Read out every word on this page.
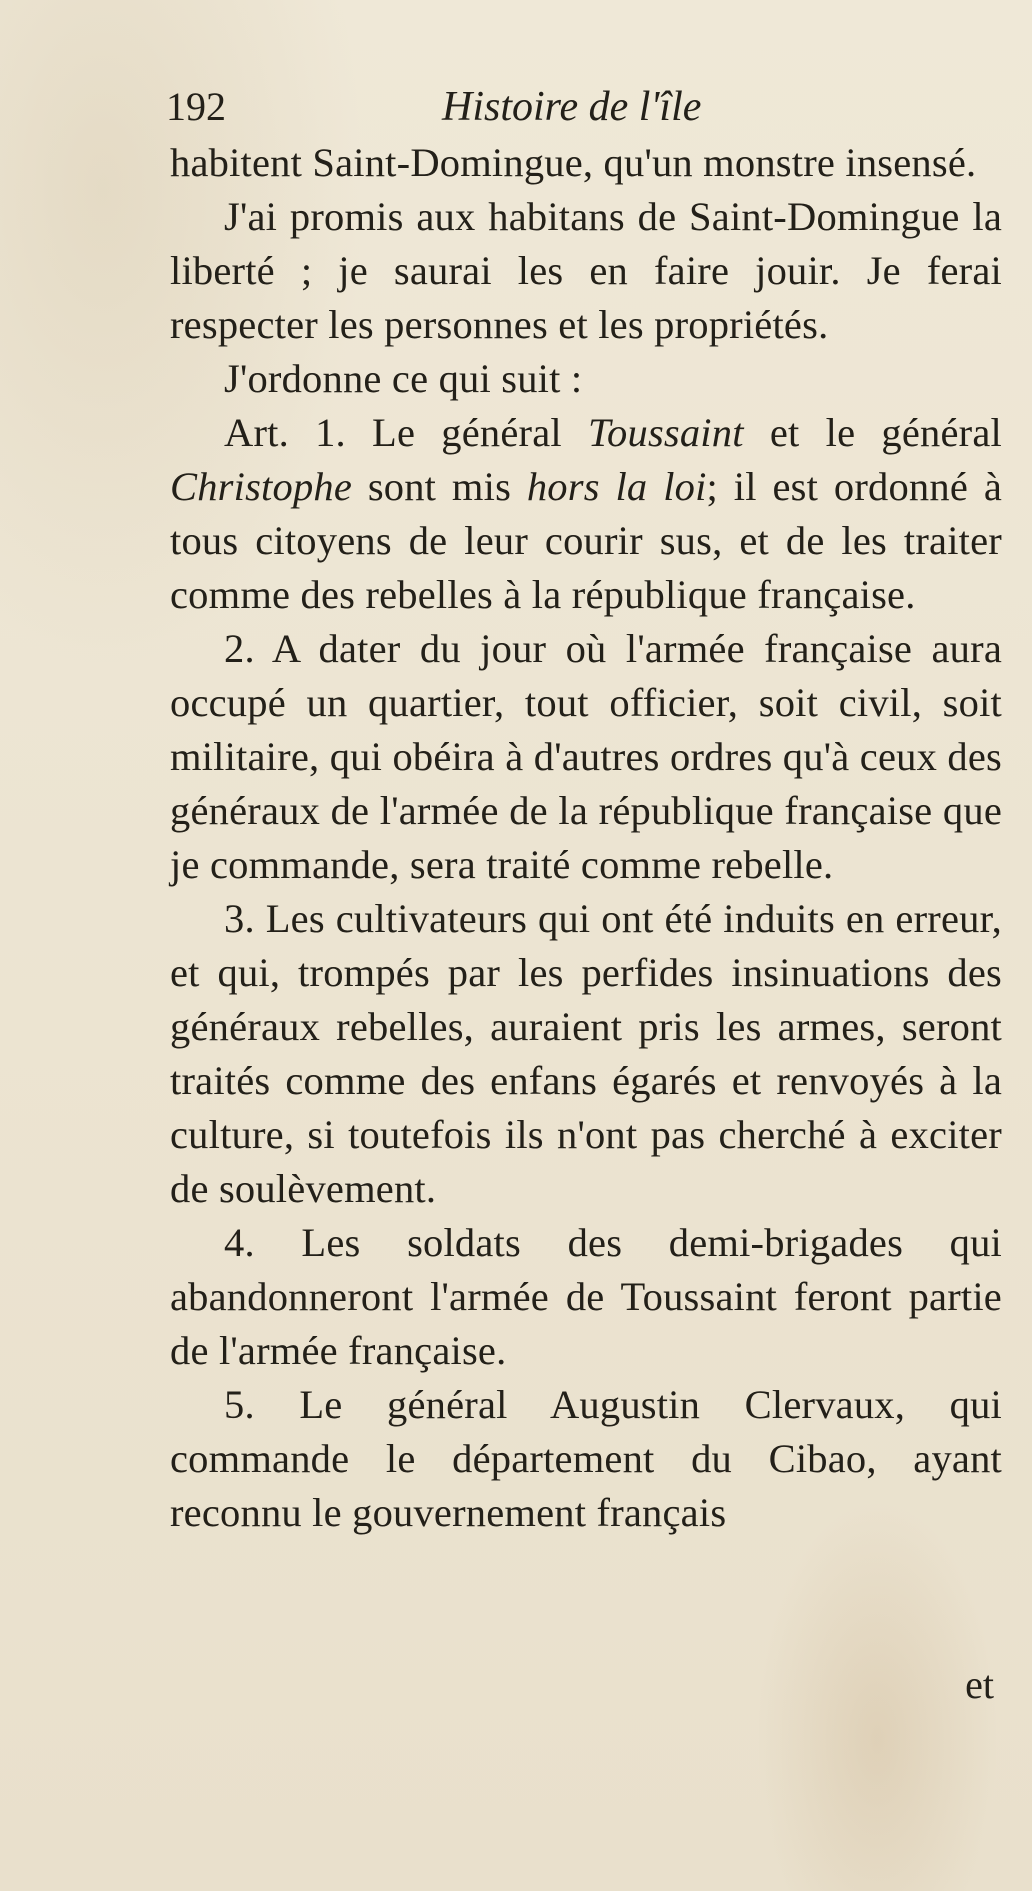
192	Histoire de l'île

habitent Saint-Domingue, qu'un monstre insensé.

J'ai promis aux habitans de Saint-Domingue la liberté ; je saurai les en faire jouir. Je ferai respecter les personnes et les propriétés.

J'ordonne ce qui suit :

Art. 1. Le général Toussaint et le général Christophe sont mis hors la loi; il est ordonné à tous citoyens de leur courir sus, et de les traiter comme des rebelles à la république française.

2. A dater du jour où l'armée française aura occupé un quartier, tout officier, soit civil, soit militaire, qui obéira à d'autres ordres qu'à ceux des généraux de l'armée de la république française que je commande, sera traité comme rebelle.

3. Les cultivateurs qui ont été induits en erreur, et qui, trompés par les perfides insinuations des généraux rebelles, auraient pris les armes, seront traités comme des enfans égarés et renvoyés à la culture, si toutefois ils n'ont pas cherché à exciter de soulèvement.

4. Les soldats des demi-brigades qui abandonneront l'armée de Toussaint feront partie de l'armée française.

5. Le général Augustin Clervaux, qui commande le département du Cibao, ayant reconnu le gouvernement français

et
